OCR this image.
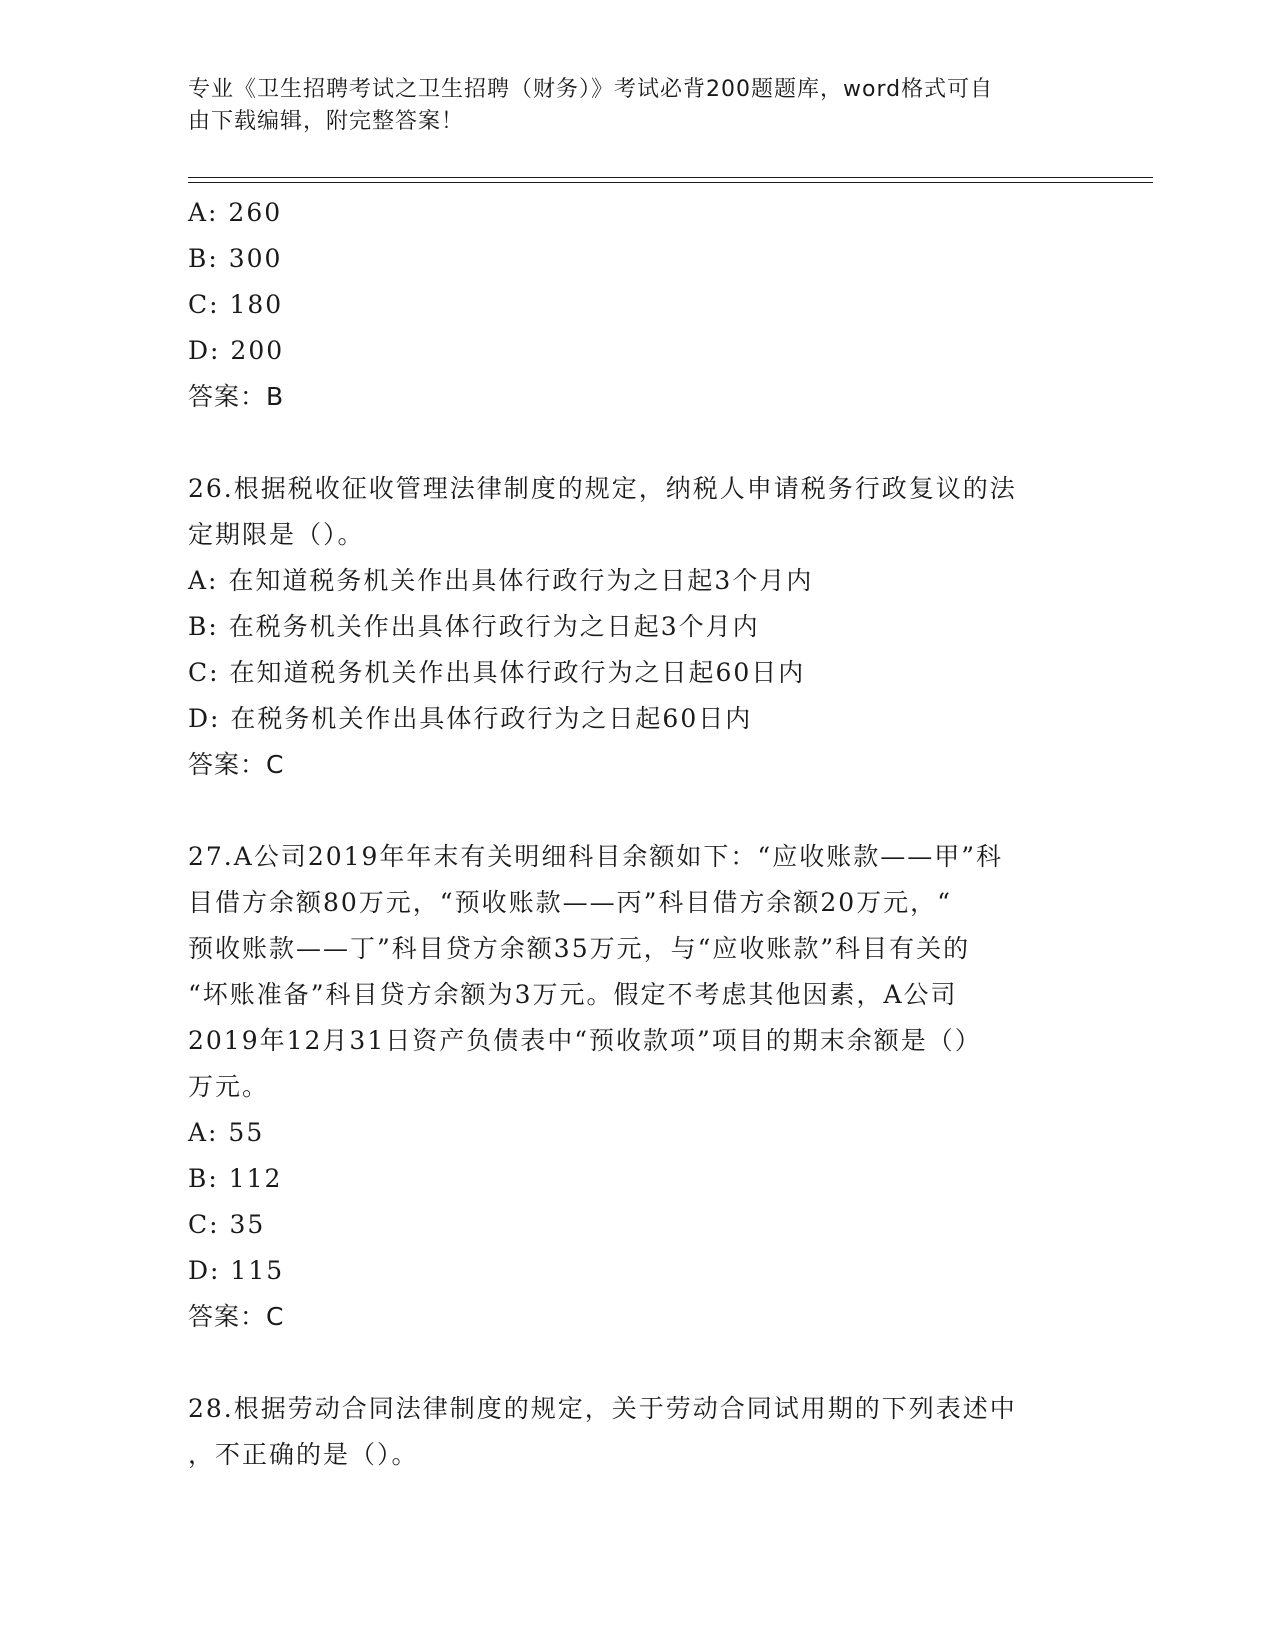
专业《卫生招聘考试之卫生招聘（财务）》考试必背200题题库，word格式可自
由下载编辑，附完整答案！
A: 260
B: 300
C: 180
D: 200
答案：B
26.根据税收征收管理法律制度的规定，纳税人申请税务行政复议的法
定期限是（）。
A: 在知道税务机关作出具体行政行为之日起3个月内
B: 在税务机关作出具体行政行为之日起3个月内
C: 在知道税务机关作出具体行政行为之日起60日内
D: 在税务机关作出具体行政行为之日起60日内
答案：C
27.A公司2019年年末有关明细科目余额如下：“应收账款——甲”科
目借方余额80万元，“预收账款——丙”科目借方余额20万元，“
预收账款——丁”科目贷方余额35万元，与“应收账款”科目有关的
“坏账准备”科目贷方余额为3万元。假定不考虑其他因素，A公司
2019年12月31日资产负债表中“预收款项”项目的期末余额是（）
万元。
A: 55
B: 112
C: 35
D: 115
答案：C
28.根据劳动合同法律制度的规定，关于劳动合同试用期的下列表述中
，不正确的是（）。
